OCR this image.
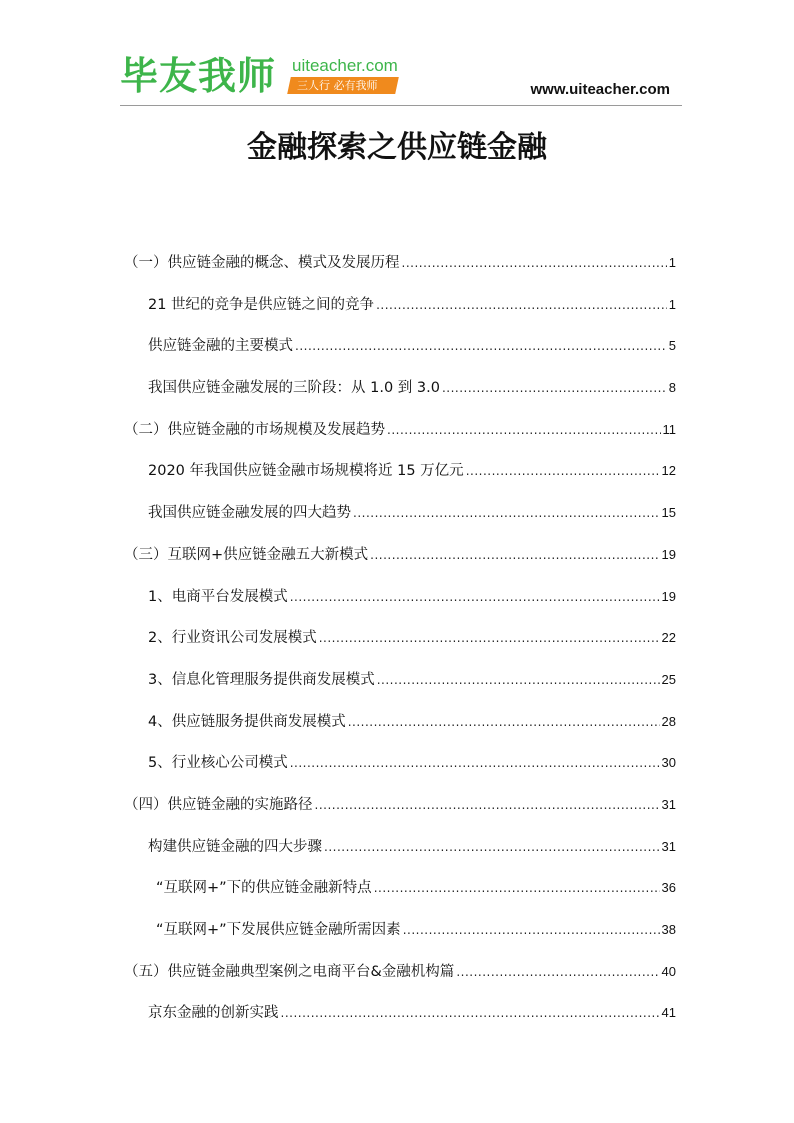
毕友我师 uiteacher.com
三人行 必有我师	www.uiteacher.com
金融探索之供应链金融
（一）供应链金融的概念、模式及发展历程 .....	1
21 世纪的竞争是供应链之间的竞争 .....	1
供应链金融的主要模式 .....	5
我国供应链金融发展的三阶段：从 1.0 到 3.0 .....	8
（二）供应链金融的市场规模及发展趋势 .....	11
2020 年我国供应链金融市场规模将近 15 万亿元 .....	12
我国供应链金融发展的四大趋势 .....	15
（三）互联网+供应链金融五大新模式 .....	19
1、电商平台发展模式 .....	19
2、行业资讯公司发展模式 .....	22
3、信息化管理服务提供商发展模式 .....	25
4、供应链服务提供商发展模式 .....	28
5、行业核心公司模式 .....	30
（四）供应链金融的实施路径 .....	31
构建供应链金融的四大步骤 .....	31
“互联网+”下的供应链金融新特点 .....	36
“互联网+”下发展供应链金融所需因素 .....	38
（五）供应链金融典型案例之电商平台&金融机构篇 .....	40
京东金融的创新实践 .....	41
